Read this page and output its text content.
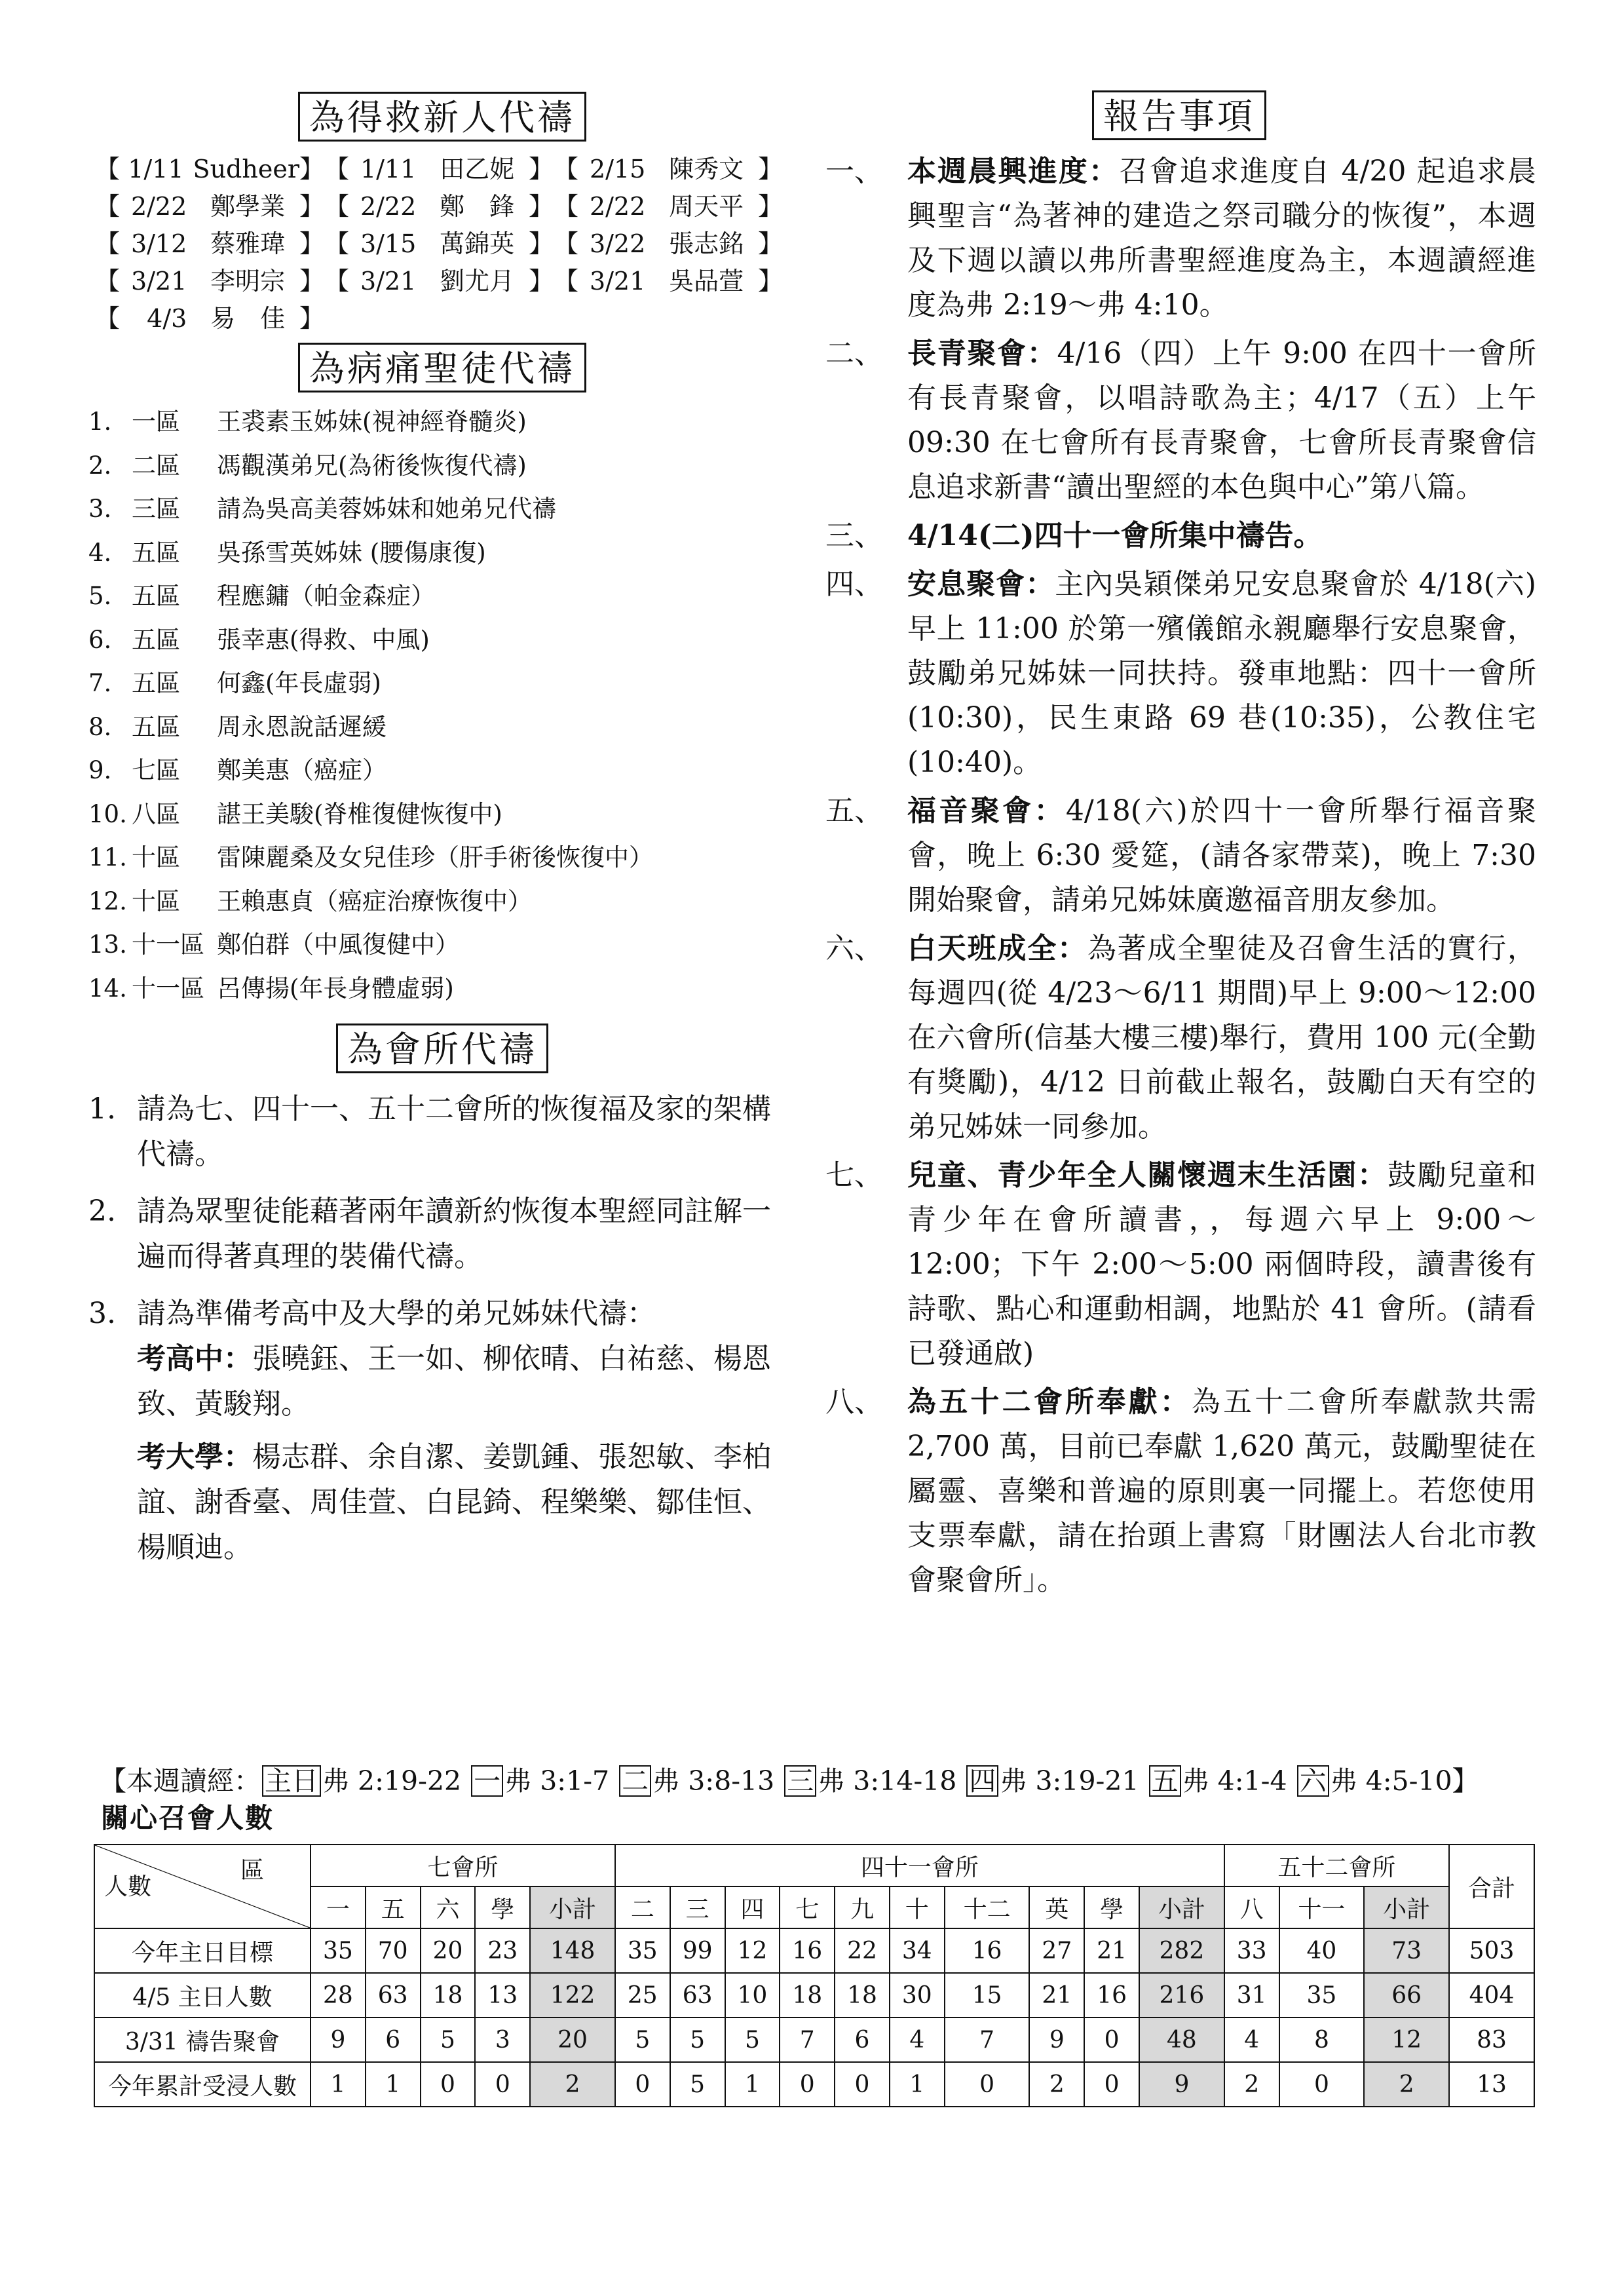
為得救新人代禱
【 1/11 Sudheer 】 【 1/11 田乙妮 】 【 2/15 陳秀文 】
【 2/22 鄭學業 】 【 2/22 鄭　鋒 】 【 2/22 周天平 】
【 3/12 蔡雅瑋 】 【 3/15 萬錦英 】 【 3/22 張志銘 】
【 3/21 李明宗 】 【 3/21 劉尤月 】 【 3/21 吳品萱 】
【	4/3 易　佳 】
為病痛聖徒代禱
1. 一區	王裘素玉姊妹(視神經脊髓炎)
2. 二區	馮觀漢弟兄(為術後恢復代禱)
3. 三區	請為吳高美蓉姊妹和她弟兄代禱
4. 五區	吳孫雪英姊妹 (腰傷康復)
5. 五區	程應鏞（帕金森症）
6. 五區	張幸惠(得救、中風)
7. 五區	何鑫(年長虛弱)
8. 五區	周永恩說話遲緩
9. 七區	鄭美惠（癌症）
10. 八區	諶王美駿(脊椎復健恢復中)
11. 十區	雷陳麗桑及女兒佳珍（肝手術後恢復中）
12. 十區	王賴惠貞（癌症治療恢復中）
13. 十一區 鄭伯群（中風復健中）
14. 十一區 呂傳揚(年長身體虛弱)
為會所代禱
1. 請為七、四十一、五十二會所的恢復福及家的架構代禱。
2. 請為眾聖徒能藉著兩年讀新約恢復本聖經同註解一遍而得著真理的裝備代禱。
3. 請為準備考高中及大學的弟兄姊妹代禱：
考高中：張曉鈺、王一如、柳依晴、白祐慈、楊恩致、黃駿翔。
考大學：楊志群、余自潔、姜凱鍾、張恕敏、李柏誼、謝香臺、周佳萱、白昆錡、程樂樂、鄒佳恒、楊順迪。
報告事項
一、 本週晨興進度：召會追求進度自 4/20 起追求晨興聖言“為著神的建造之祭司職分的恢復”，本週及下週以讀以弗所書聖經進度為主，本週讀經進度為弗 2:19～弗 4:10。
二、 長青聚會：4/16（四）上午 9:00 在四十一會所有長青聚會，以唱詩歌為主；4/17（五）上午 09:30 在七會所有長青聚會，七會所長青聚會信息追求新書“讀出聖經的本色與中心”第八篇。
三、 4/14(二)四十一會所集中禱告。
四、 安息聚會：主內吳穎傑弟兄安息聚會於 4/18(六)早上 11:00 於第一殯儀館永親廳舉行安息聚會，鼓勵弟兄姊妹一同扶持。發車地點：四十一會所(10:30)，民生東路 69 巷(10:35)，公教住宅(10:40)。
五、 福音聚會：4/18(六)於四十一會所舉行福音聚會，晚上 6:30 愛筵，(請各家帶菜)，晚上 7:30 開始聚會，請弟兄姊妹廣邀福音朋友參加。
六、 白天班成全：為著成全聖徒及召會生活的實行，每週四(從 4/23～6/11 期間)早上 9:00～12:00 在六會所(信基大樓三樓)舉行，費用 100 元(全勤有獎勵)，4/12 日前截止報名，鼓勵白天有空的弟兄姊妹一同參加。
七、 兒童、青少年全人關懷週末生活園：鼓勵兒童和青少年在會所讀書，，每週六早上 9:00～12:00；下午 2:00～5:00 兩個時段，讀書後有詩歌、點心和運動相調，地點於 41 會所。(請看已發通啟)
八、 為五十二會所奉獻：為五十二會所奉獻款共需 2,700 萬，目前已奉獻 1,620 萬元，鼓勵聖徒在屬靈、喜樂和普遍的原則裏一同擺上。若您使用支票奉獻，請在抬頭上書寫「財團法人台北市教會聚會所」。
【本週讀經： 主日 弗 2:19-22 一 弗 3:1-7 二 弗 3:8-13 三 弗 3:14-18 四 弗 3:19-21 五 弗 4:1-4 六 弗 4:5-10】
關心召會人數
區
人數	七會所					四十一會所										五十二會所			合計
	一	五	六	學	小計	二	三	四	七	九	十	十二	英	學	小計	八	十一	小計	
今年主日目標	35	70	20	23	148	35	99	12	16	22	34	16	27	21	282	33	40	73	503
4/5 主日人數	28	63	18	13	122	25	63	10	18	18	30	15	21	16	216	31	35	66	404
3/31 禱告聚會	9	6	5	3	20	5	5	5	7	6	4	7	9	0	48	4	8	12	83
今年累計受浸人數	1	1	0	0	2	0	5	1	0	0	1	0	2	0	9	2	0	2	13
